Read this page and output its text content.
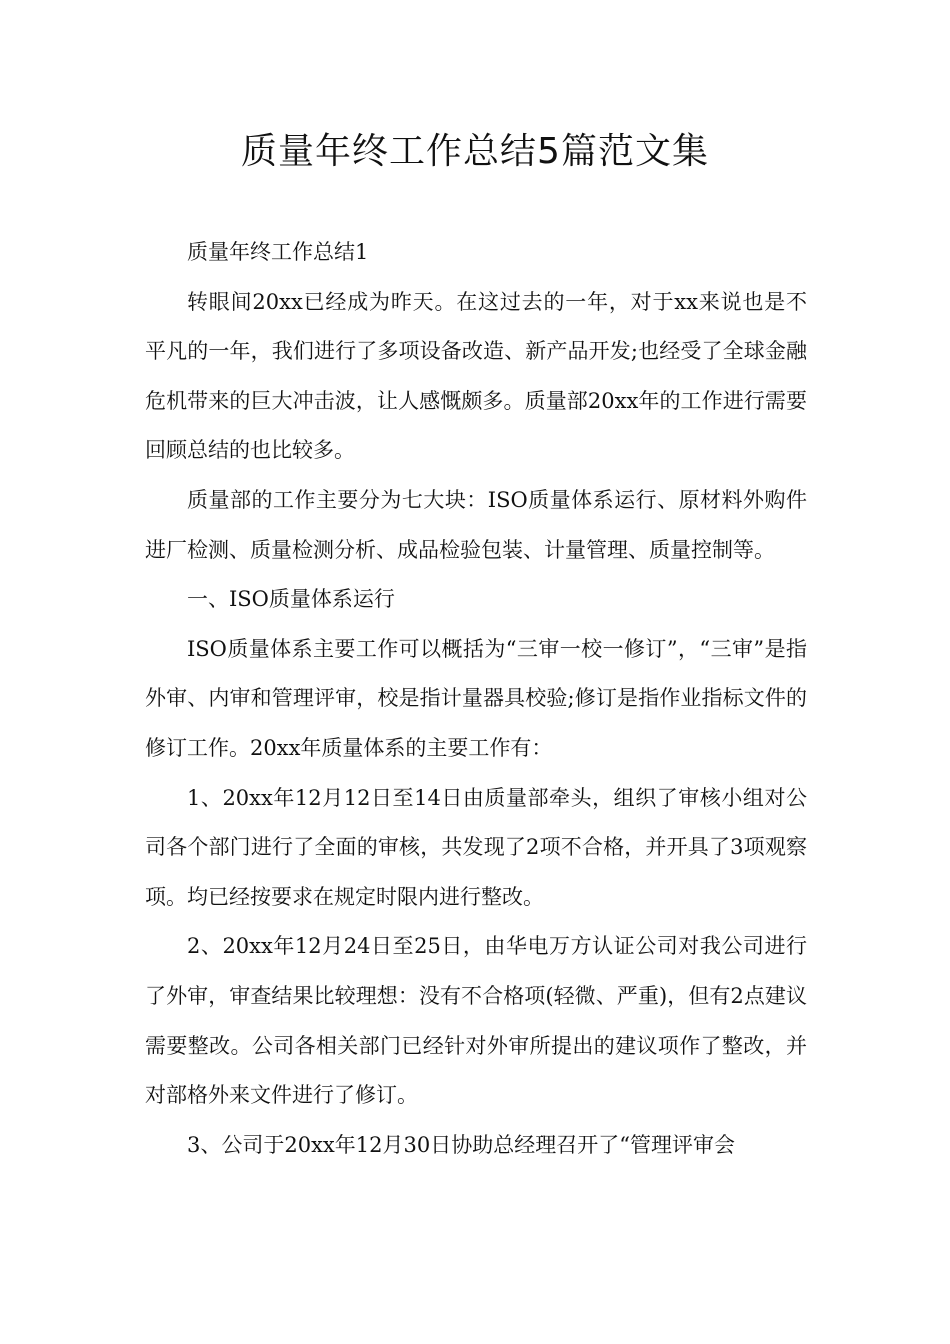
质量年终工作总结5篇范文集

质量年终工作总结1

转眼间20xx已经成为昨天。在这过去的一年，对于xx来说也是不平凡的一年，我们进行了多项设备改造、新产品开发;也经受了全球金融危机带来的巨大冲击波，让人感慨颇多。质量部20xx年的工作进行需要回顾总结的也比较多。

质量部的工作主要分为七大块：ISO质量体系运行、原材料外购件进厂检测、质量检测分析、成品检验包装、计量管理、质量控制等。

一、ISO质量体系运行

ISO质量体系主要工作可以概括为“三审一校一修订”，“三审”是指外审、内审和管理评审，校是指计量器具校验;修订是指作业指标文件的修订工作。20xx年质量体系的主要工作有：

1、20xx年12月12日至14日由质量部牵头，组织了审核小组对公司各个部门进行了全面的审核，共发现了2项不合格，并开具了3项观察项。均已经按要求在规定时限内进行整改。

2、20xx年12月24日至25日，由华电万方认证公司对我公司进行了外审，审查结果比较理想：没有不合格项(轻微、严重)，但有2点建议需要整改。公司各相关部门已经针对外审所提出的建议项作了整改，并对部格外来文件进行了修订。

3、公司于20xx年12月30日协助总经理召开了“管理评审会
